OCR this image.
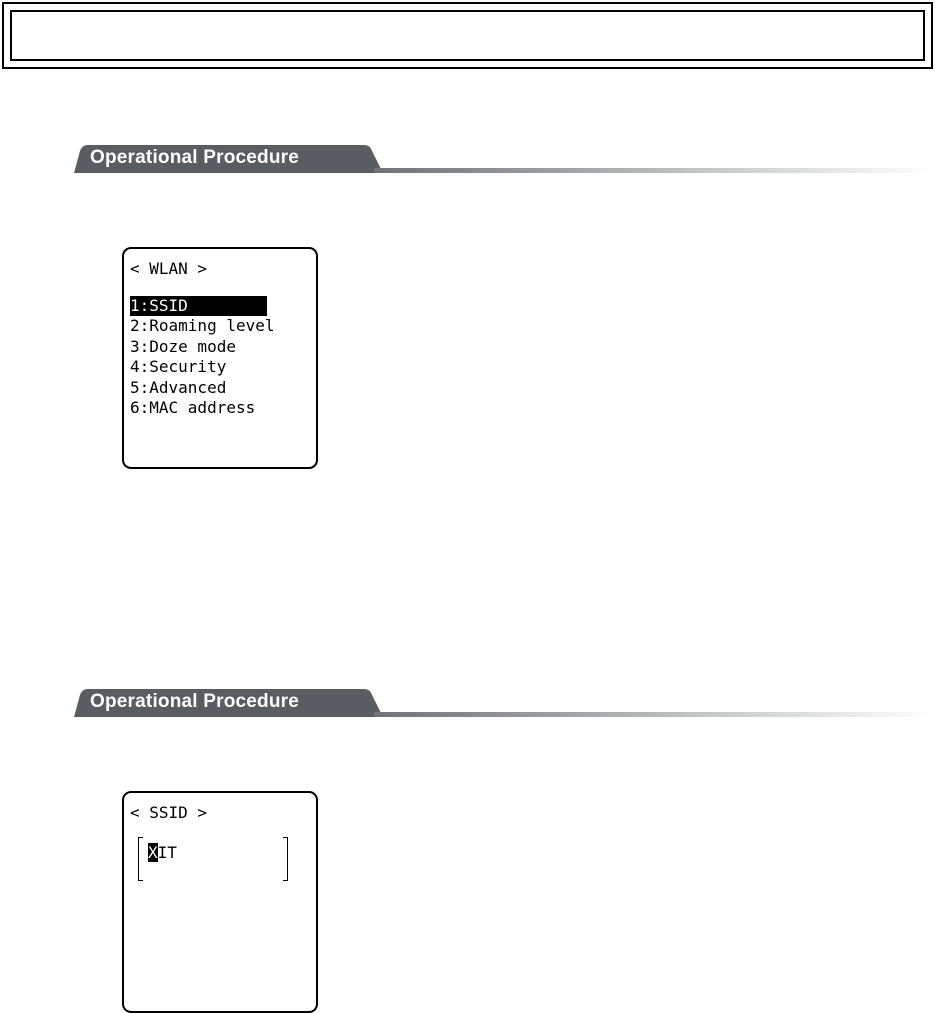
Operational Procedure
< WLAN >
1:SSID
2:Roaming level
3:Doze mode
4:Security
5:Advanced
6:MAC address
Operational Procedure
< SSID >
XIT
